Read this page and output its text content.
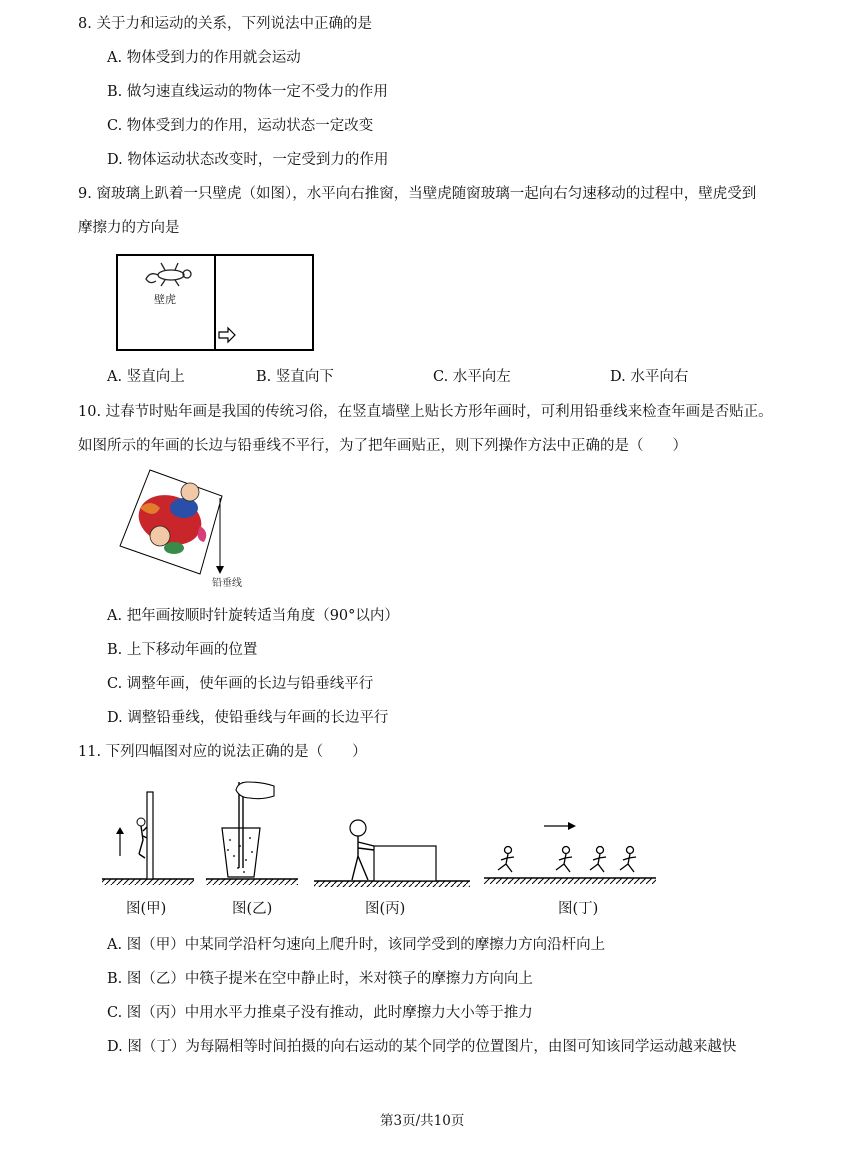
8. 关于力和运动的关系，下列说法中正确的是
A. 物体受到力的作用就会运动
B. 做匀速直线运动的物体一定不受力的作用
C. 物体受到力的作用，运动状态一定改变
D. 物体运动状态改变时，一定受到力的作用
9. 窗玻璃上趴着一只壁虎（如图），水平向右推窗，当壁虎随窗玻璃一起向右匀速移动的过程中，壁虎受到
摩擦力的方向是
壁虎
A. 竖直向上	B. 竖直向下	C. 水平向左	D. 水平向右
10. 过春节时贴年画是我国的传统习俗，在竖直墙壁上贴长方形年画时，可利用铅垂线来检查年画是否贴正。
如图所示的年画的长边与铅垂线不平行，为了把年画贴正，则下列操作方法中正确的是（　　）
铅垂线
A. 把年画按顺时针旋转适当角度（90°以内）
B. 上下移动年画的位置
C. 调整年画，使年画的长边与铅垂线平行
D. 调整铅垂线，使铅垂线与年画的长边平行
11. 下列四幅图对应的说法正确的是（　　）
图(甲)	图(乙)	图(丙)	图(丁)
A. 图（甲）中某同学沿杆匀速向上爬升时，该同学受到的摩擦力方向沿杆向上
B. 图（乙）中筷子提米在空中静止时，米对筷子的摩擦力方向向上
C. 图（丙）中用水平力推桌子没有推动，此时摩擦力大小等于推力
D. 图（丁）为每隔相等时间拍摄的向右运动的某个同学的位置图片，由图可知该同学运动越来越快
第3页/共10页
